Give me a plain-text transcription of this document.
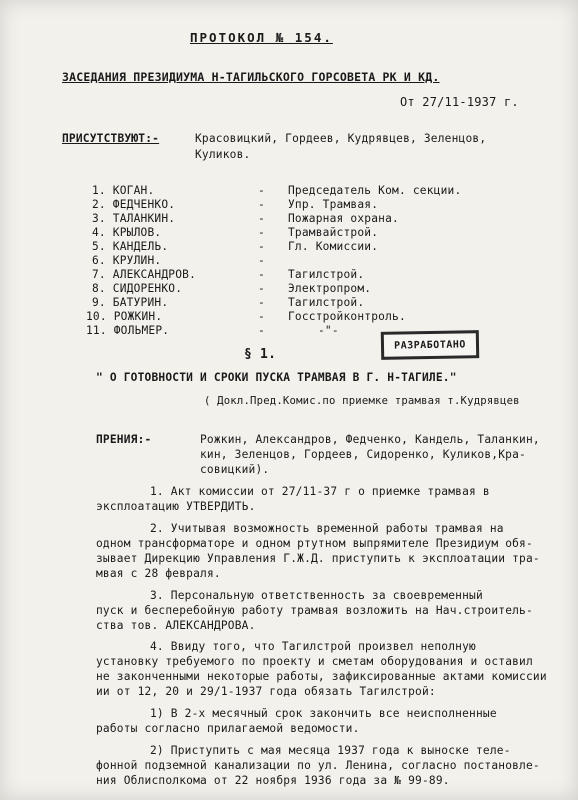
ПРОТОКОЛ № 154.
ЗАСЕДАНИЯ ПРЕЗИДИУМА Н-ТАГИЛЬСКОГО ГОРСОВЕТА РК И КД.
От 27/11-1937 г.
ПРИСУТСТВУЮТ:-	Красовицкий, Гордеев, Кудрявцев, Зеленцов,
Куликов.
1. КОГАН.	- Председатель Ком. секции.
2. ФЕДЧЕНКО.	- Упр. Трамвая.
3. ТАЛАНКИН.	- Пожарная охрана.
4. КРЫЛОВ.	- Трамвайстрой.
5. КАНДЕЛЬ.	- Гл. Комиссии.
6. КРУЛИН.	-
7. АЛЕКСАНДРОВ.	- Тагилстрой.
8. СИДОРЕНКО.	- Электропром.
9. БАТУРИН.	- Тагилстрой.
10. РОЖКИН.	- Госстройконтроль.
11. ФОЛЬМЕР.	-	-"-
РАЗРАБОТАНО
§ 1.
" О ГОТОВНОСТИ И СРОКИ ПУСКА ТРАМВАЯ В Г. Н-ТАГИЛЕ."
( Докл.Пред.Комис.по приемке трамвая т.Кудрявцев
ПРЕНИЯ:-	Рожкин, Александров, Федченко, Кандель, Таланкин,
кин, Зеленцов, Гордеев, Сидоренко, Куликов,Кра-
совицкий).
1. Акт комиссии от 27/11-37 г о приемке трамвая в
эксплоатацию УТВЕРДИТЬ.
2. Учитывая возможность временной работы трамвая на
одном трансформаторе и одном ртутном выпрямителе Президиум обя-
зывает Дирекцию Управления Г.Ж.Д. приступить к эксплоатации тра-
мвая с 28 февраля.
3. Персональную ответственность за своевременный
пуск и бесперебойную работу трамвая возложить на Нач.строитель-
ства тов. АЛЕКСАНДРОВА.
4. Ввиду того, что Тагилстрой произвел неполную
установку требуемого по проекту и сметам оборудования и оставил
не законченными некоторые работы, зафиксированные актами комиссии
ии от 12, 20 и 29/1-1937 года обязать Тагилстрой:
1) В 2-х месячный срок закончить все неисполненные
работы согласно прилагаемой ведомости.
2) Приступить с мая месяца 1937 года к выноске теле-
фонной подземной канализации по ул. Ленина, согласно постановле-
ния Облисполкома от 22 ноября 1936 года за № 99-89.
